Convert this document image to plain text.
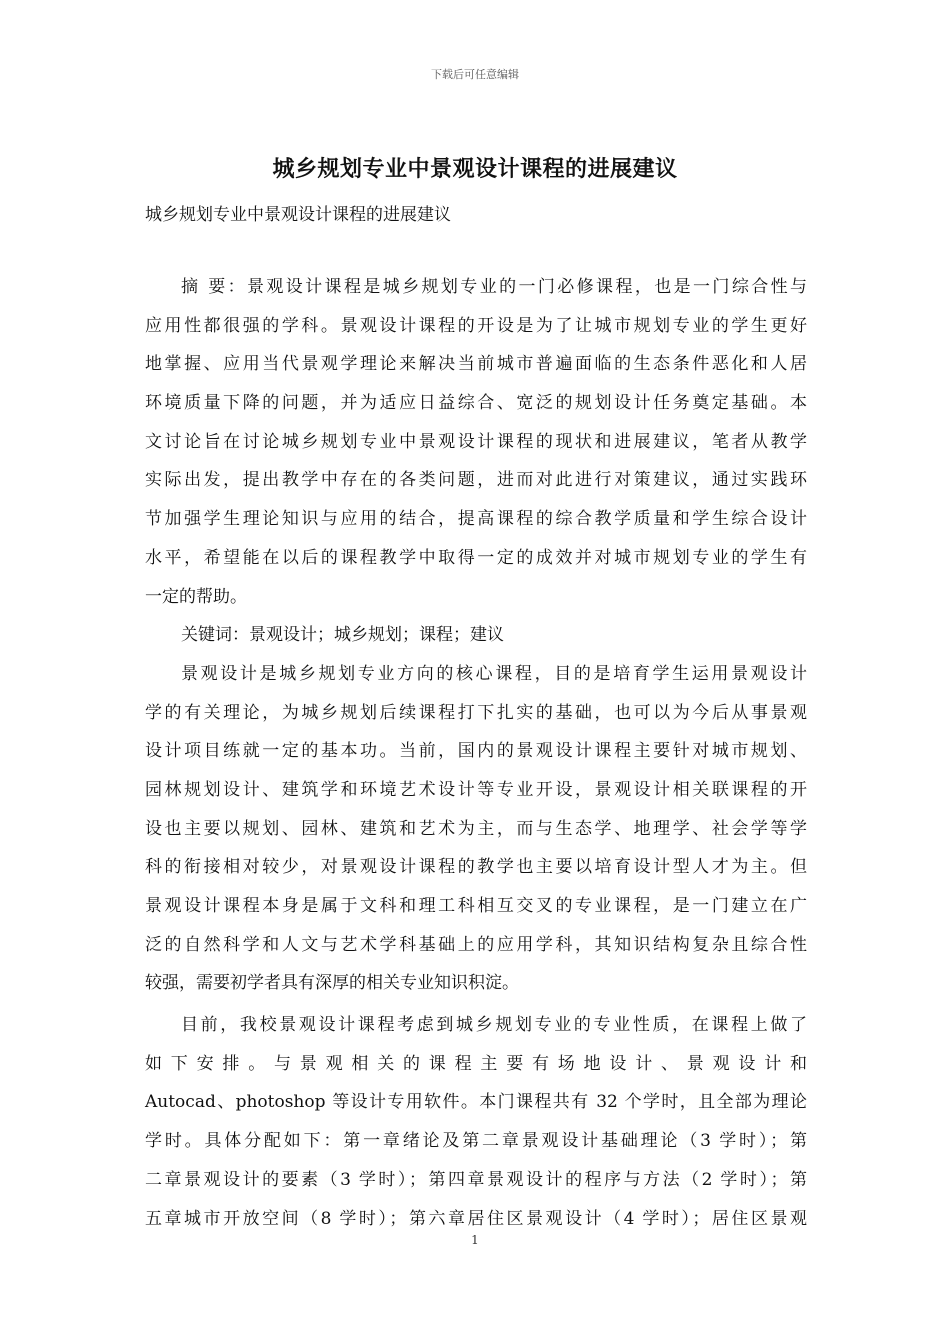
下载后可任意编辑
城乡规划专业中景观设计课程的进展建议
城乡规划专业中景观设计课程的进展建议
摘 要：景观设计课程是城乡规划专业的一门必修课程，也是一门综合性与
应用性都很强的学科。景观设计课程的开设是为了让城市规划专业的学生更好
地掌握、应用当代景观学理论来解决当前城市普遍面临的生态条件恶化和人居
环境质量下降的问题，并为适应日益综合、宽泛的规划设计任务奠定基础。本
文讨论旨在讨论城乡规划专业中景观设计课程的现状和进展建议，笔者从教学
实际出发，提出教学中存在的各类问题，进而对此进行对策建议，通过实践环
节加强学生理论知识与应用的结合，提高课程的综合教学质量和学生综合设计
水平，希望能在以后的课程教学中取得一定的成效并对城市规划专业的学生有
一定的帮助。
关键词：景观设计；城乡规划；课程；建议
景观设计是城乡规划专业方向的核心课程，目的是培育学生运用景观设计
学的有关理论，为城乡规划后续课程打下扎实的基础，也可以为今后从事景观
设计项目练就一定的基本功。当前，国内的景观设计课程主要针对城市规划、
园林规划设计、建筑学和环境艺术设计等专业开设，景观设计相关联课程的开
设也主要以规划、园林、建筑和艺术为主，而与生态学、地理学、社会学等学
科的衔接相对较少，对景观设计课程的教学也主要以培育设计型人才为主。但
景观设计课程本身是属于文科和理工科相互交叉的专业课程，是一门建立在广
泛的自然科学和人文与艺术学科基础上的应用学科，其知识结构复杂且综合性
较强，需要初学者具有深厚的相关专业知识积淀。
目前，我校景观设计课程考虑到城乡规划专业的专业性质，在课程上做了
如下安排。与景观相关的课程主要有场地设计、景观设计和
Autocad、photoshop 等设计专用软件。本门课程共有 32 个学时，且全部为理论
学时。具体分配如下：第一章绪论及第二章景观设计基础理论（3 学时）；第
二章景观设计的要素（3 学时）；第四章景观设计的程序与方法（2 学时）；第
五章城市开放空间（8 学时）；第六章居住区景观设计（4 学时）；居住区景观
1
